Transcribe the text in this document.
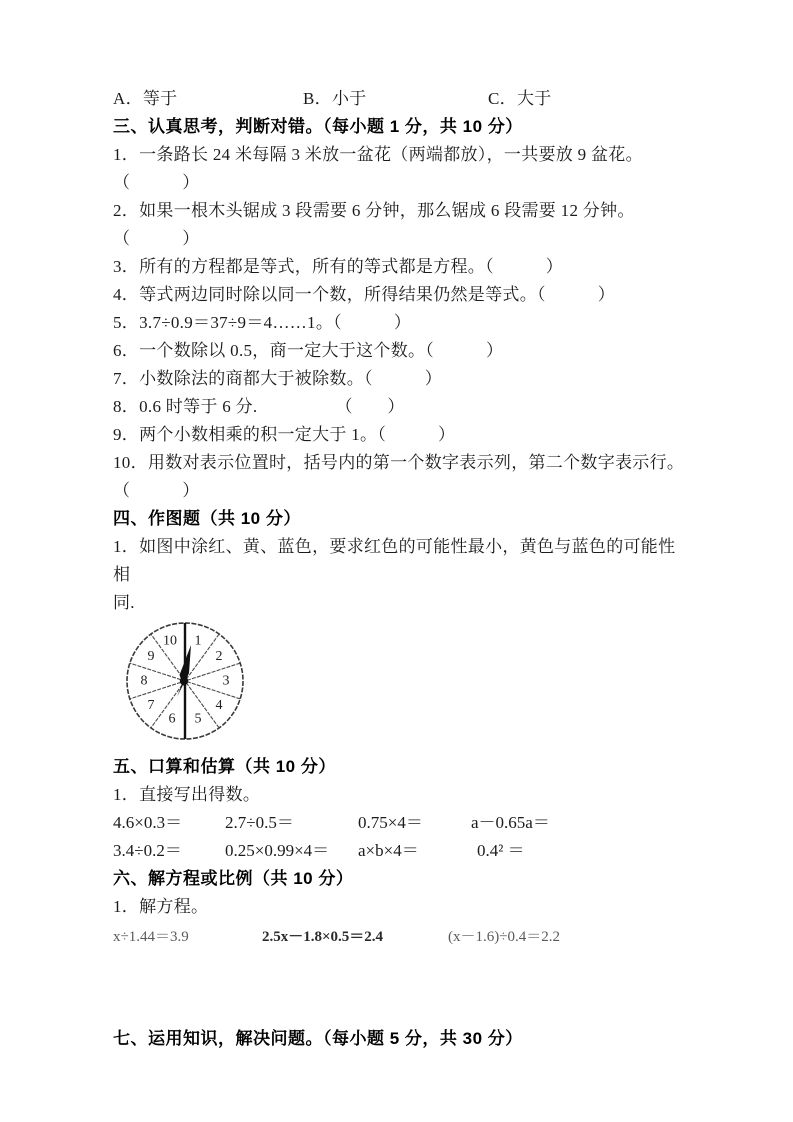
A．等于	B．小于	C．大于
三、认真思考，判断对错。（每小题 1 分，共 10 分）
1．一条路长 24 米每隔 3 米放一盆花（两端都放），一共要放 9 盆花。
（　　　）
2．如果一根木头锯成 3 段需要 6 分钟，那么锯成 6 段需要 12 分钟。
（　　　）
3．所有的方程都是等式，所有的等式都是方程。（　　　）
4．等式两边同时除以同一个数，所得结果仍然是等式。（　　　）
5．3.7÷0.9＝37÷9＝4……1。（　　　）
6．一个数除以 0.5，商一定大于这个数。（　　　）
7．小数除法的商都大于被除数。（　　　）
8．0.6 时等于 6 分.　　　　　（　　）
9．两个小数相乘的积一定大于 1。（　　　）
10．用数对表示位置时，括号内的第一个数字表示列，第二个数字表示行。
（　　　）
四、作图题（共 10 分）
1．如图中涂红、黄、蓝色，要求红色的可能性最小，黄色与蓝色的可能性相
同.
1
2
3
4
5
6
7
8
9
10
五、口算和估算（共 10 分）
1．直接写出得数。
4.6×0.3＝	2.7÷0.5＝	0.75×4＝	a－0.65a＝
3.4÷0.2＝	0.25×0.99×4＝	a×b×4＝	0.4² ＝
六、解方程或比例（共 10 分）
1．解方程。
x÷1.44＝3.9	2.5x－1.8×0.5＝2.4	(x－1.6)÷0.4＝2.2
七、运用知识，解决问题。（每小题 5 分，共 30 分）
